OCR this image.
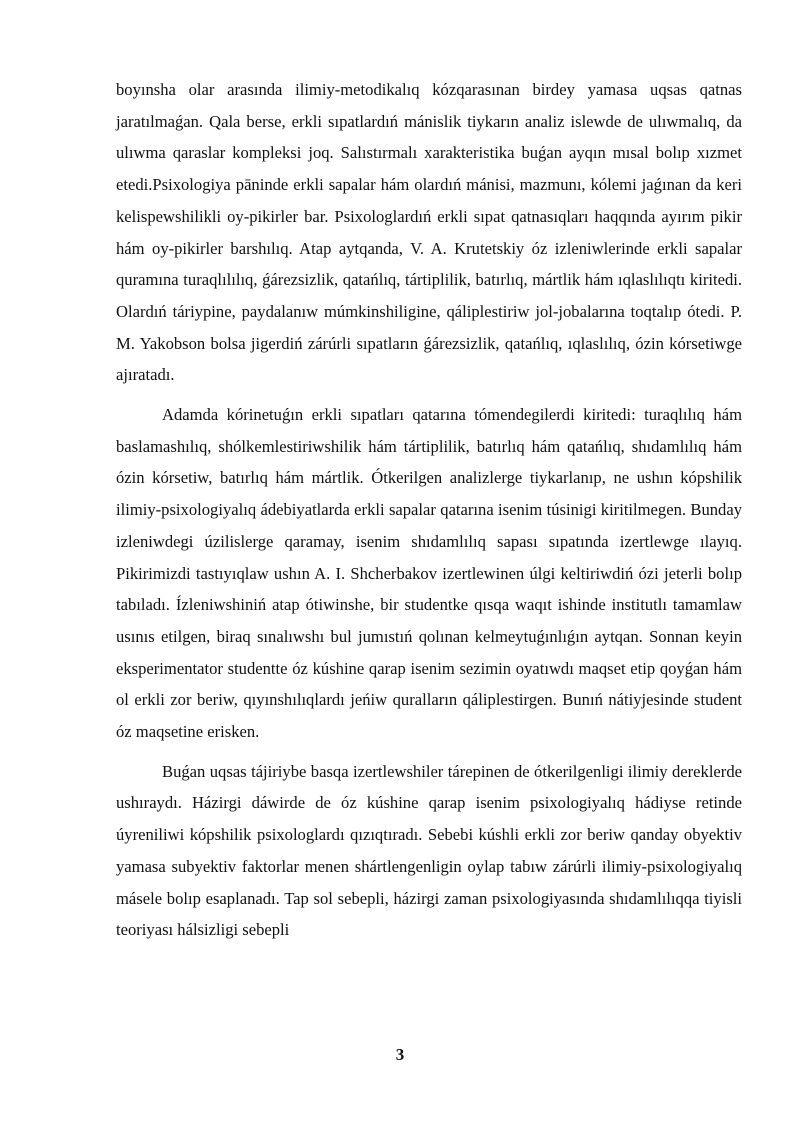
boyınsha olar arasında ilimiy-metodikalıq kózqarasınan birdey yamasa uqsas qatnas jaratılmaǵan. Qala berse, erkli sıpatlardıń mánislik tiykarın analiz islewde de ulıwmalıq, da ulıwma qaraslar kompleksi joq. Salıstırmalı xarakteristika buǵan ayqın mısal bolıp xızmet etedi.Psixologiya pāninde erkli sapalar hám olardıń mánisi, mazmunı, kólemi jaǵınan da keri kelispewshilikli oy-pikirler bar. Psixologlardıń erkli sıpat qatnasıqları haqqında ayırım pikir hám oy-pikirler barshılıq. Atap aytqanda, V. A. Krutetskiy óz izleniwlerinde erkli sapalar quramına turaqlılılıq, ǵárezsizlik, qatańlıq, tártiplilik, batırlıq, mártlik hám ıqlaslılıqtı kiritedi. Olardıń táriypine, paydalanıw múmkinshiligine, qáliplestiriw jol-jobalarına toqtalıp ótedi. P. M. Yakobson bolsa jigerdiń zárúrli sıpatların ǵárezsizlik, qatańlıq, ıqlaslılıq, ózin kórsetiwge ajıratadı.

Adamda kórinetuǵın erkli sıpatları qatarına tómendegilerdi kiritedi: turaqlılıq hám baslamashılıq, shólkemlestiriwshilik hám tártiplilik, batırlıq hám qatańlıq, shıdamlılıq hám ózin kórsetiw, batırlıq hám mártlik. Ótkerilgen analizlerge tiykarlanıp, ne ushın kópshilik ilimiy-psixologiyalıq ádebiyatlarda erkli sapalar qatarına isenim túsinigi kiritilmegen. Bunday izleniwdegi úzilislerge qaramay, isenim shıdamlılıq sapası sıpatında izertlewge ılayıq. Pikirimizdi tastıyıqlaw ushın A. I. Shcherbakov izertlewinen úlgi keltiriwdiń ózi jeterli bolıp tabıladı. Ízleniwshiniń atap ótiwinshe, bir studentke qısqa waqıt ishinde institutlı tamamlaw usınıs etilgen, biraq sınalıwshı bul jumıstıń qolınan kelmeytuǵınlıǵın aytqan. Sonnan keyin eksperimentator studentte óz kúshine qarap isenim sezimin oyatıwdı maqset etip qoyǵan hám ol erkli zor beriw, qıyınshılıqlardı jeńiw quralların qáliplestirgen. Bunıń nátiyjesinde student óz maqsetine erisken.

Buǵan uqsas tájiriybe basqa izertlewshiler tárepinen de ótkerilgenligi ilimiy dereklerde ushıraydı. Házirgi dáwirde de óz kúshine qarap isenim psixologiyalıq hádiyse retinde úyreniliwi kópshilik psixologlardı qızıqtıradı. Sebebi kúshli erkli zor beriw qanday obyektiv yamasa subyektiv faktorlar menen shártlengenligin oylap tabıw zárúrli ilimiy-psixologiyalıq másele bolıp esaplanadı. Tap sol sebepli, házirgi zaman psixologiyasında shıdamlılıqqa tiyisli teoriyası hálsizligi sebepli

3
